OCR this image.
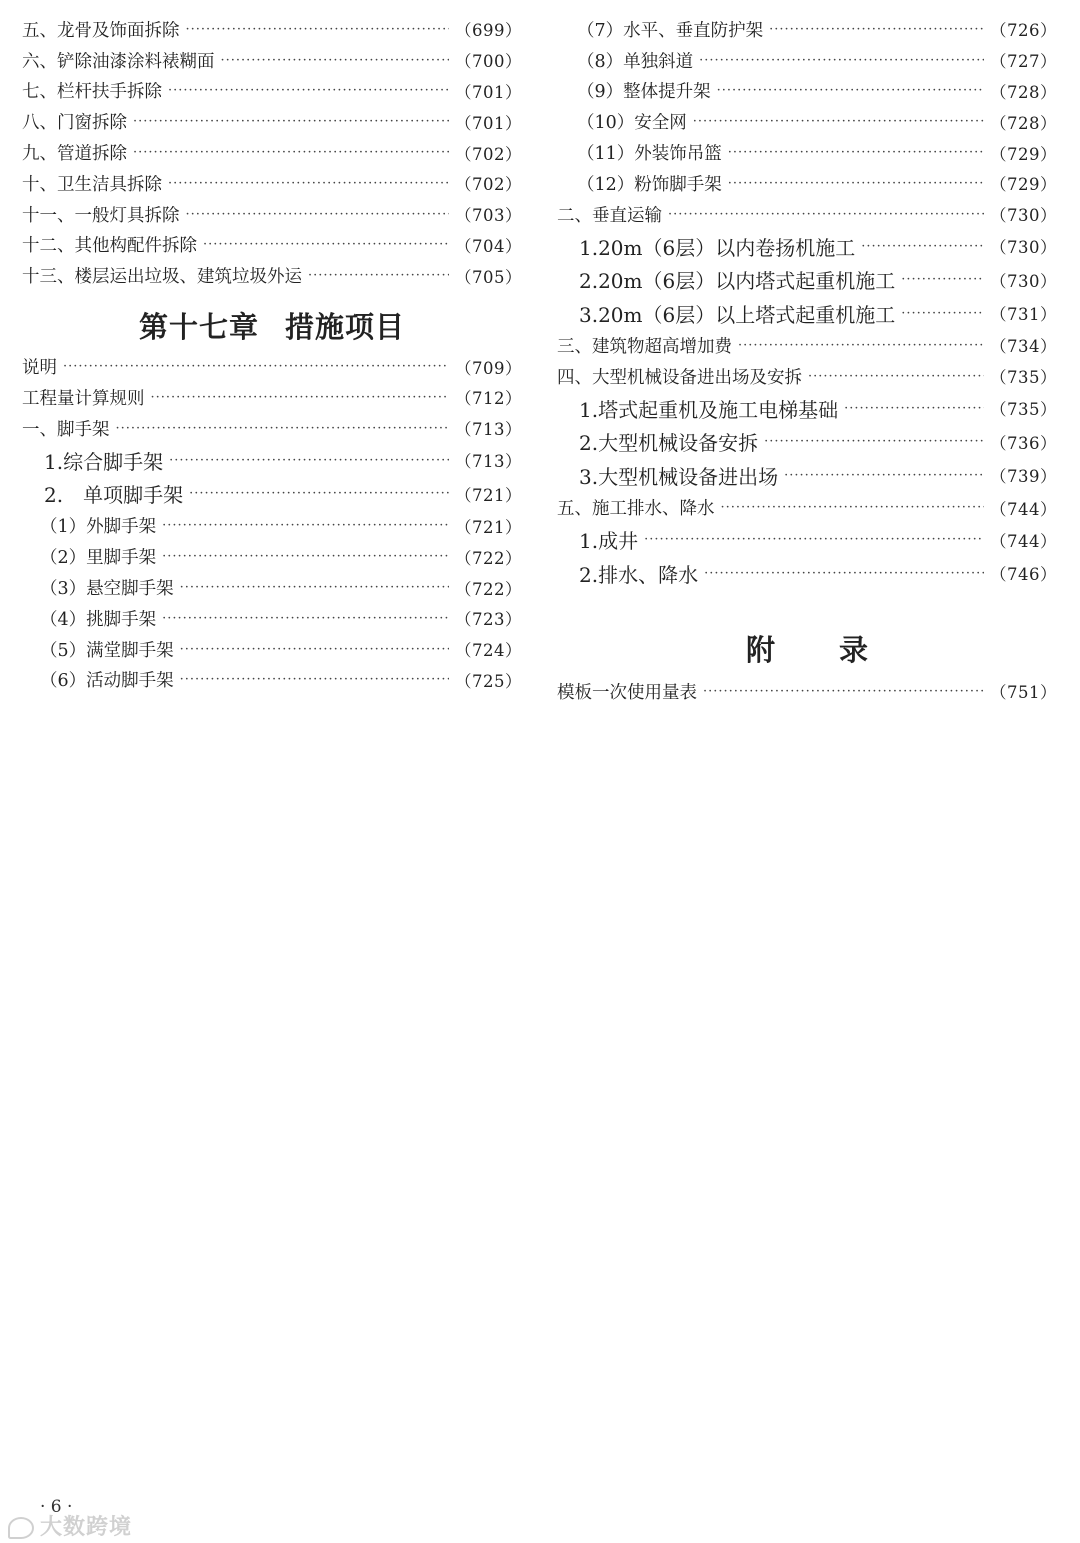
五、龙骨及饰面拆除 ·····	（699）
六、铲除油漆涂料裱糊面 ·····	（700）
七、栏杆扶手拆除 ·····	（701）
八、门窗拆除 ·····	（701）
九、管道拆除 ·····	（702）
十、卫生洁具拆除 ·····	（702）
十一、一般灯具拆除 ·····	（703）
十二、其他构配件拆除 ·····	（704）
十三、楼层运出垃圾、建筑垃圾外运 ·····	（705）
第十七章 措施项目
说明 ·····	（709）
工程量计算规则 ·····	（712）
一、脚手架 ·····	（713）
1.综合脚手架 ·····	（713）
2.　单项脚手架 ·····	（721）
（1）外脚手架 ·····	（721）
（2）里脚手架 ·····	（722）
（3）悬空脚手架 ·····	（722）
（4）挑脚手架 ·····	（723）
（5）满堂脚手架 ·····	（724）
（6）活动脚手架 ·····	（725）
（7）水平、垂直防护架 ·····	（726）
（8）单独斜道 ·····	（727）
（9）整体提升架 ·····	（728）
（10）安全网 ·····	（728）
（11）外装饰吊篮 ·····	（729）
（12）粉饰脚手架 ·····	（729）
二、垂直运输 ·····	（730）
1.20m（6层）以内卷扬机施工 ·····	（730）
2.20m（6层）以内塔式起重机施工 ·····	（730）
3.20m（6层）以上塔式起重机施工 ·····	（731）
三、建筑物超高增加费 ·····	（734）
四、大型机械设备进出场及安拆 ·····	（735）
1.塔式起重机及施工电梯基础 ·····	（735）
2.大型机械设备安拆 ·····	（736）
3.大型机械设备进出场 ·····	（739）
五、施工排水、降水 ·····	（744）
1.成井 ·····	（744）
2.排水、降水 ·····	（746）
附 录
模板一次使用量表 ·····	（751）
· 6 ·
大数跨境
